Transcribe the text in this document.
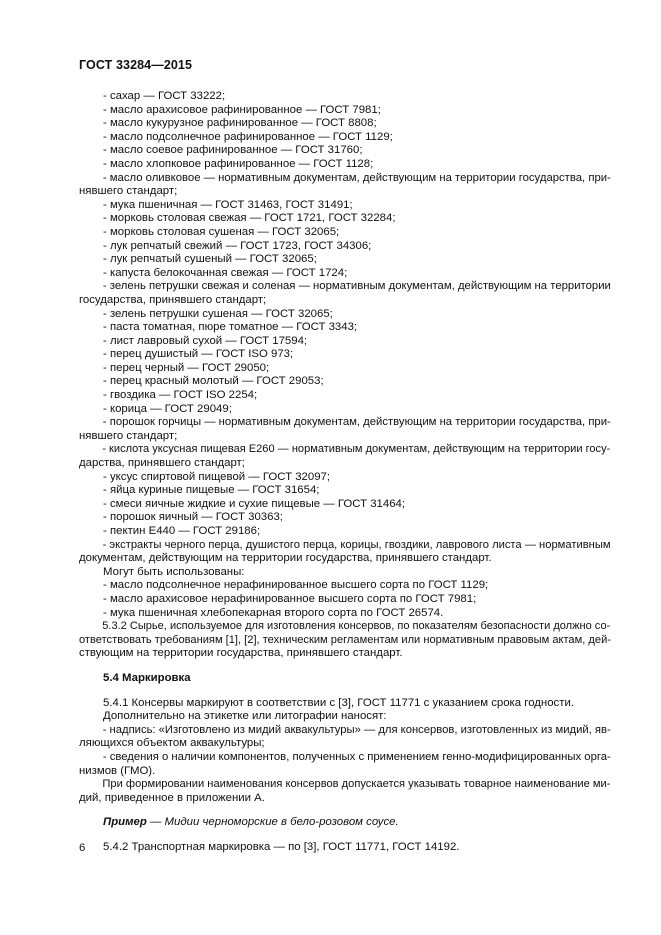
ГОСТ 33284—2015
- сахар — ГОСТ 33222;
- масло арахисовое рафинированное — ГОСТ 7981;
- масло кукурузное рафинированное — ГОСТ 8808;
- масло подсолнечное рафинированное — ГОСТ 1129;
- масло соевое рафинированное — ГОСТ 31760;
- масло хлопковое рафинированное — ГОСТ 1128;
- масло оливковое — нормативным документам, действующим на территории государства, при-
нявшего стандарт;
- мука пшеничная — ГОСТ 31463, ГОСТ 31491;
- морковь столовая свежая — ГОСТ 1721, ГОСТ 32284;
- морковь столовая сушеная — ГОСТ 32065;
- лук репчатый свежий — ГОСТ 1723, ГОСТ 34306;
- лук репчатый сушеный — ГОСТ 32065;
- капуста белокочанная свежая — ГОСТ 1724;
- зелень петрушки свежая и соленая — нормативным документам, действующим на территории
государства, принявшего стандарт;
- зелень петрушки сушеная — ГОСТ 32065;
- паста томатная, пюре томатное — ГОСТ 3343;
- лист лавровый сухой — ГОСТ 17594;
- перец душистый — ГОСТ ISO 973;
- перец черный — ГОСТ 29050;
- перец красный молотый — ГОСТ 29053;
- гвоздика — ГОСТ ISO 2254;
- корица — ГОСТ 29049;
- порошок горчицы — нормативным документам, действующим на территории государства, при-
нявшего стандарт;
- кислота уксусная пищевая Е260 — нормативным документам, действующим на территории госу-
дарства, принявшего стандарт;
- уксус спиртовой пищевой — ГОСТ 32097;
- яйца куриные пищевые — ГОСТ 31654;
- смеси яичные жидкие и сухие пищевые — ГОСТ 31464;
- порошок яичный — ГОСТ 30363;
- пектин Е440 — ГОСТ 29186;
- экстракты черного перца, душистого перца, корицы, гвоздики, лаврового листа — нормативным
документам, действующим на территории государства, принявшего стандарт.
Могут быть использованы:
- масло подсолнечное нерафинированное высшего сорта по ГОСТ 1129;
- масло арахисовое нерафинированное высшего сорта по ГОСТ 7981;
- мука пшеничная хлебопекарная второго сорта по ГОСТ 26574.
5.3.2 Сырье, используемое для изготовления консервов, по показателям безопасности должно со-
ответствовать требованиям [1], [2], техническим регламентам или нормативным правовым актам, дей-
ствующим на территории государства, принявшего стандарт.
5.4 Маркировка
5.4.1 Консервы маркируют в соответствии с [3], ГОСТ 11771 с указанием срока годности.
Дополнительно на этикетке или литографии наносят:
- надпись: «Изготовлено из мидий аквакультуры» — для консервов, изготовленных из мидий, яв-
ляющихся объектом аквакультуры;
- сведения о наличии компонентов, полученных с применением генно-модифицированных орга-
низмов (ГМО).
При формировании наименования консервов допускается указывать товарное наименование ми-
дий, приведенное в приложении А.
Пример — Мидии черноморские в бело-розовом соусе.
5.4.2 Транспортная маркировка — по [3], ГОСТ 11771, ГОСТ 14192.
6
